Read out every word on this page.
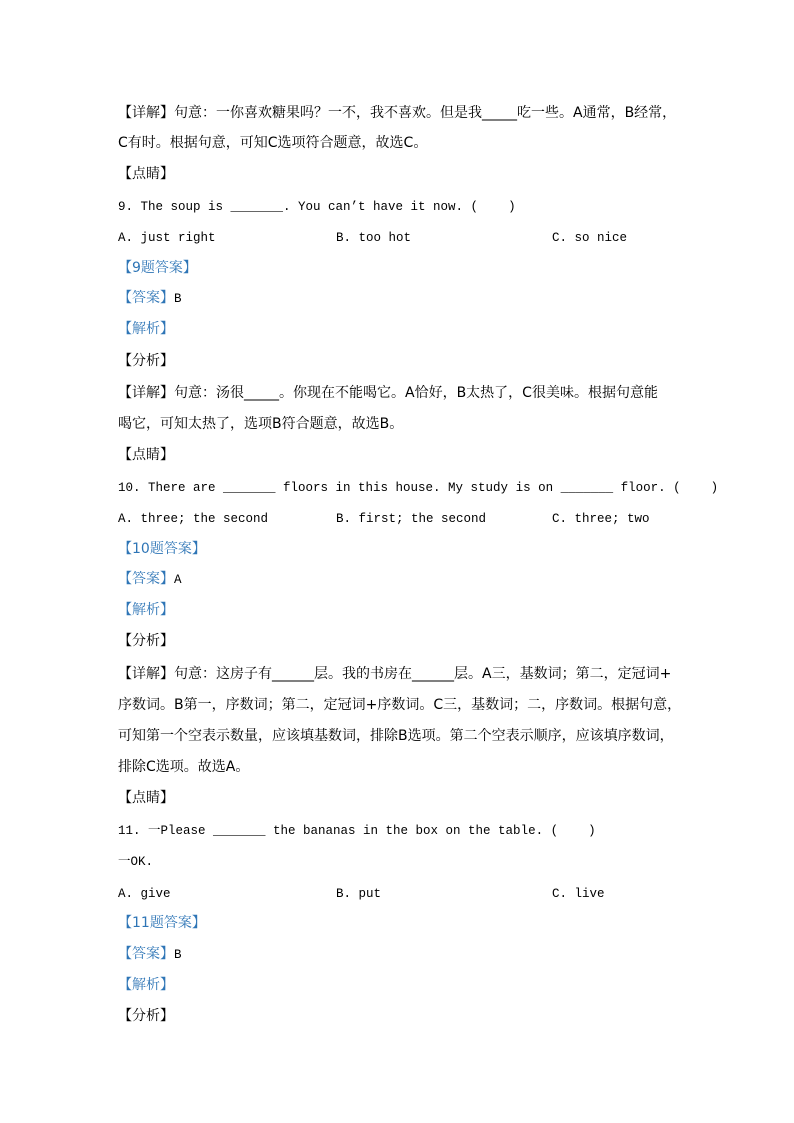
【详解】句意：一你喜欢糖果吗？一不，我不喜欢。但是我_____吃一些。A通常，B经常，
C有时。根据句意，可知C选项符合题意，故选C。
【点睛】
9. The soup is _______. You can’t have it now. (    )
A. just right	B. too hot	C. so nice
【9题答案】
【答案】B
【解析】
【分析】
【详解】句意：汤很_____。你现在不能喝它。A恰好，B太热了，C很美味。根据句意能
喝它，可知太热了，选项B符合题意，故选B。
【点睛】
10. There are _______ floors in this house. My study is on _______ floor. (    )
A. three; the second	B. first; the second	C. three; two
【10题答案】
【答案】A
【解析】
【分析】
【详解】句意：这房子有______层。我的书房在______层。A三，基数词；第二，定冠词+
序数词。B第一，序数词；第二，定冠词+序数词。C三，基数词；二，序数词。根据句意，
可知第一个空表示数量，应该填基数词，排除B选项。第二个空表示顺序，应该填序数词，
排除C选项。故选A。
【点睛】
11. 一Please _______ the bananas in the box on the table. (    )
一OK.
A. give	B. put	C. live
【11题答案】
【答案】B
【解析】
【分析】
